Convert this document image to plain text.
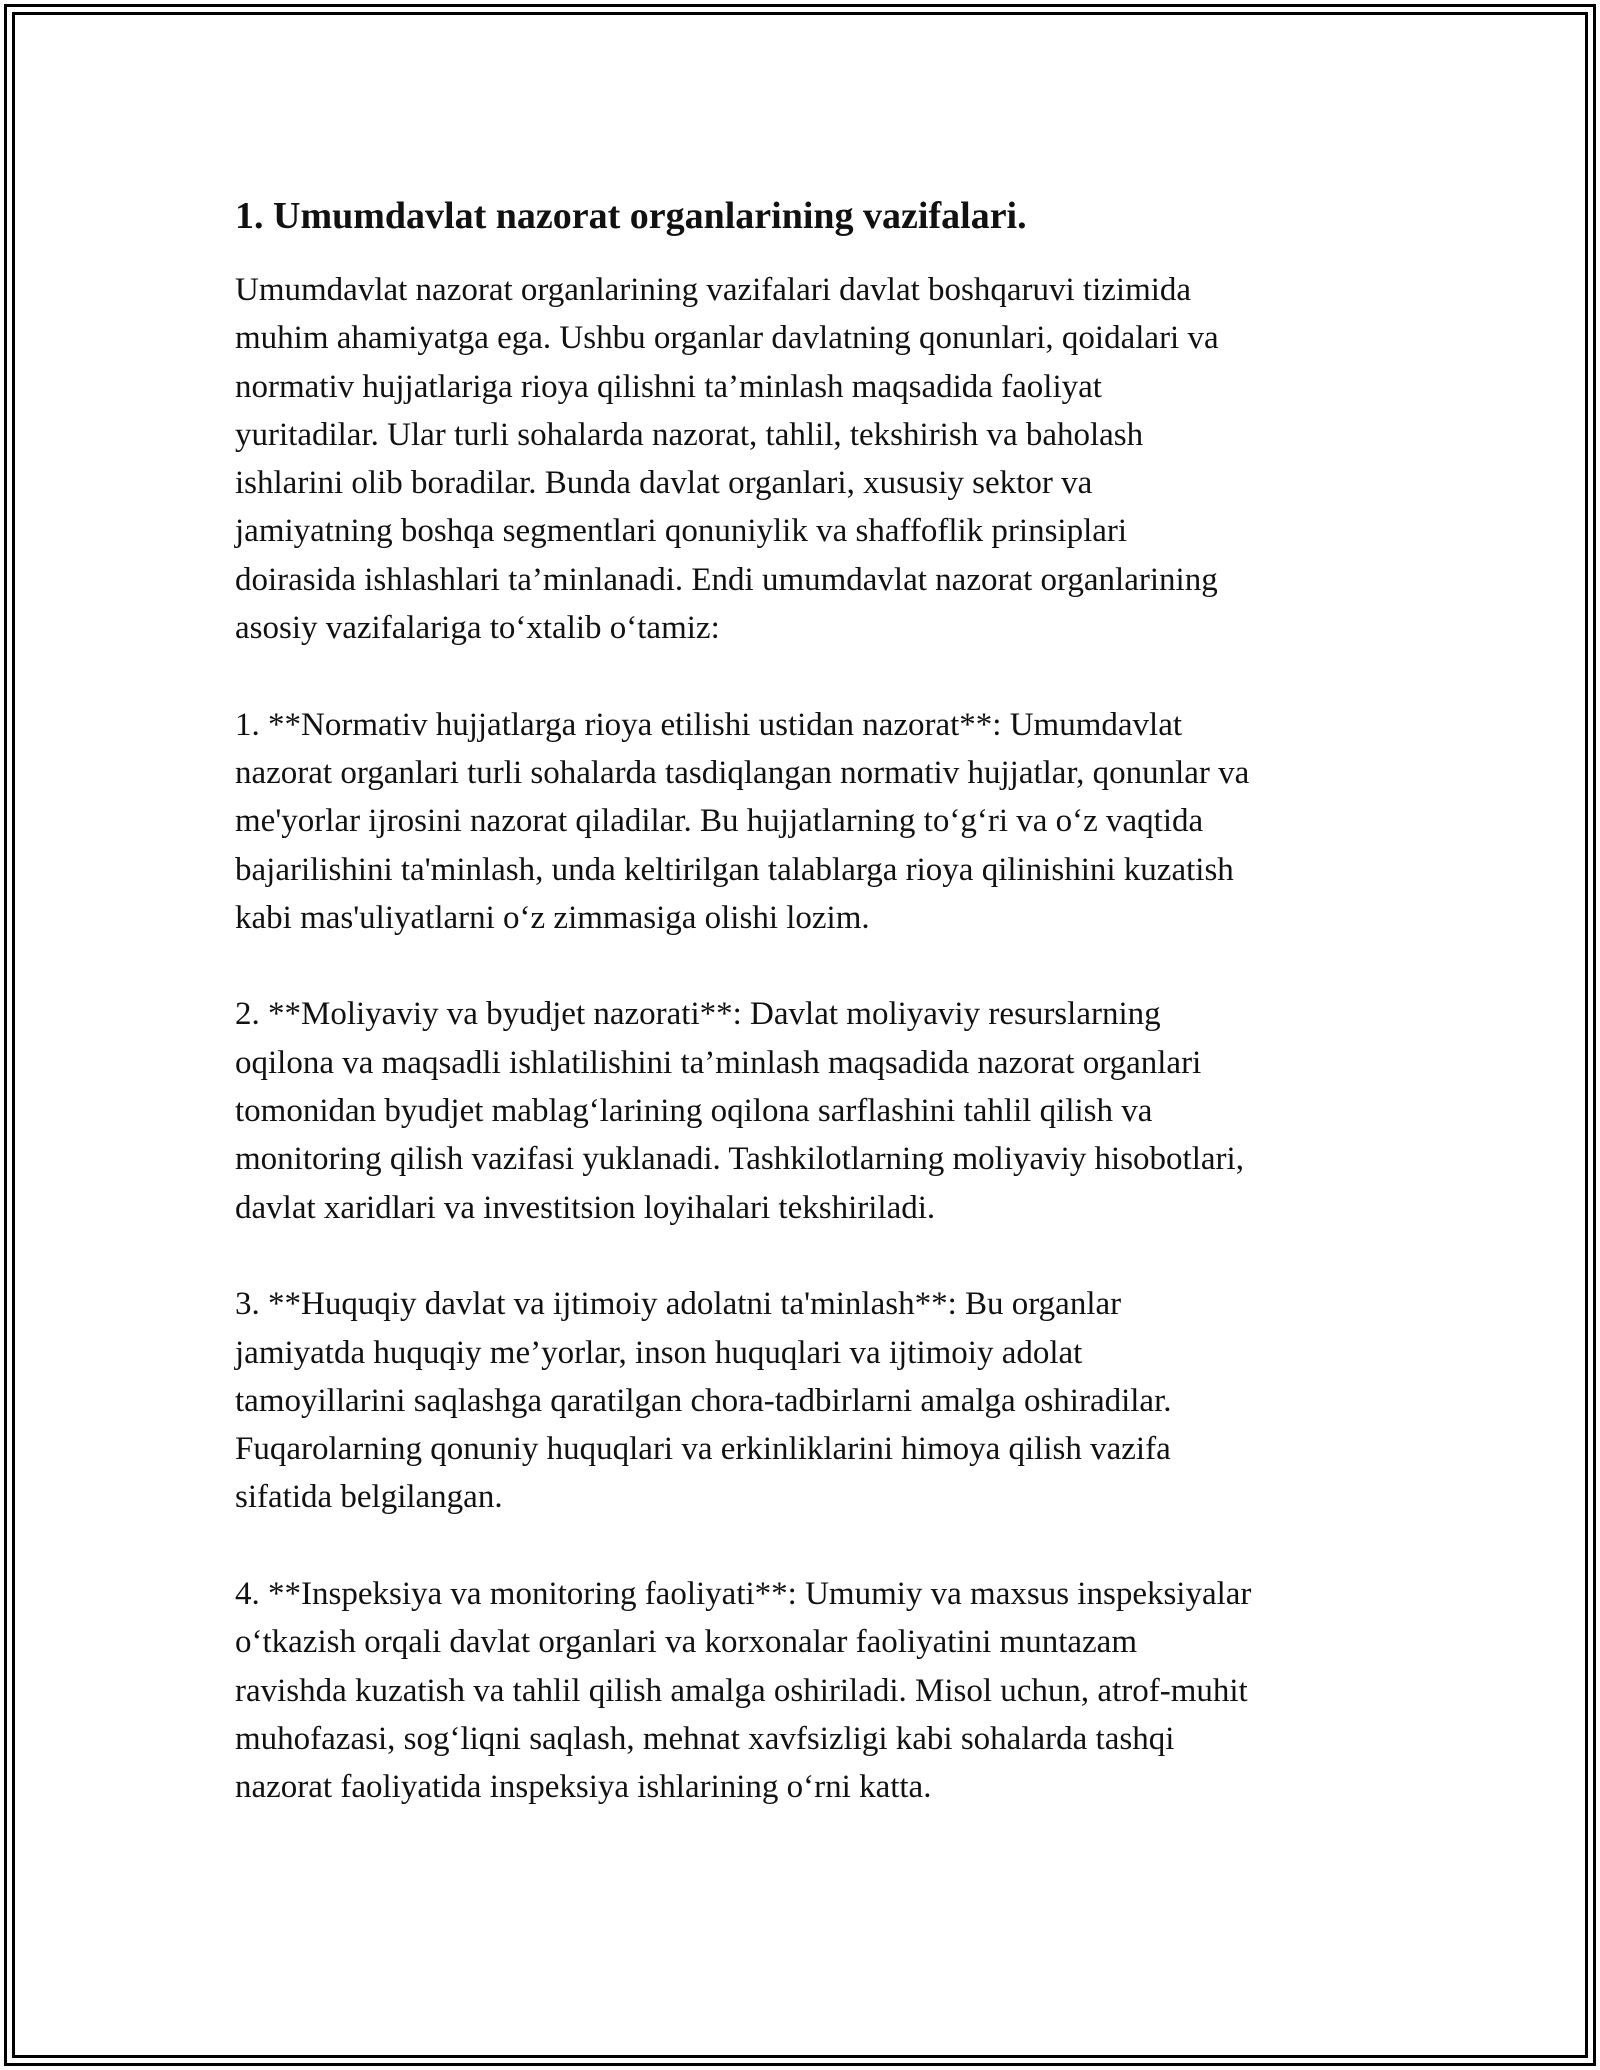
1. Umumdavlat nazorat organlarining vazifalari.

Umumdavlat nazorat organlarining vazifalari davlat boshqaruvi tizimida
muhim ahamiyatga ega. Ushbu organlar davlatning qonunlari, qoidalari va
normativ hujjatlariga rioya qilishni ta’minlash maqsadida faoliyat
yuritadilar. Ular turli sohalarda nazorat, tahlil, tekshirish va baholash
ishlarini olib boradilar. Bunda davlat organlari, xususiy sektor va
jamiyatning boshqa segmentlari qonuniylik va shaffoflik prinsiplari
doirasida ishlashlari ta’minlanadi. Endi umumdavlat nazorat organlarining
asosiy vazifalariga to‘xtalib o‘tamiz:

1. **Normativ hujjatlarga rioya etilishi ustidan nazorat**: Umumdavlat
nazorat organlari turli sohalarda tasdiqlangan normativ hujjatlar, qonunlar va
me'yorlar ijrosini nazorat qiladilar. Bu hujjatlarning to‘g‘ri va o‘z vaqtida
bajarilishini ta'minlash, unda keltirilgan talablarga rioya qilinishini kuzatish
kabi mas'uliyatlarni o‘z zimmasiga olishi lozim.

2. **Moliyaviy va byudjet nazorati**: Davlat moliyaviy resurslarning
oqilona va maqsadli ishlatilishini ta’minlash maqsadida nazorat organlari
tomonidan byudjet mablag‘larining oqilona sarflashini tahlil qilish va
monitoring qilish vazifasi yuklanadi. Tashkilotlarning moliyaviy hisobotlari,
davlat xaridlari va investitsion loyihalari tekshiriladi.

3. **Huquqiy davlat va ijtimoiy adolatni ta'minlash**: Bu organlar
jamiyatda huquqiy me’yorlar, inson huquqlari va ijtimoiy adolat
tamoyillarini saqlashga qaratilgan chora-tadbirlarni amalga oshiradilar.
Fuqarolarning qonuniy huquqlari va erkinliklarini himoya qilish vazifa
sifatida belgilangan.

4. **Inspeksiya va monitoring faoliyati**: Umumiy va maxsus inspeksiyalar
o‘tkazish orqali davlat organlari va korxonalar faoliyatini muntazam
ravishda kuzatish va tahlil qilish amalga oshiriladi. Misol uchun, atrof-muhit
muhofazasi, sog‘liqni saqlash, mehnat xavfsizligi kabi sohalarda tashqi
nazorat faoliyatida inspeksiya ishlarining o‘rni katta.
